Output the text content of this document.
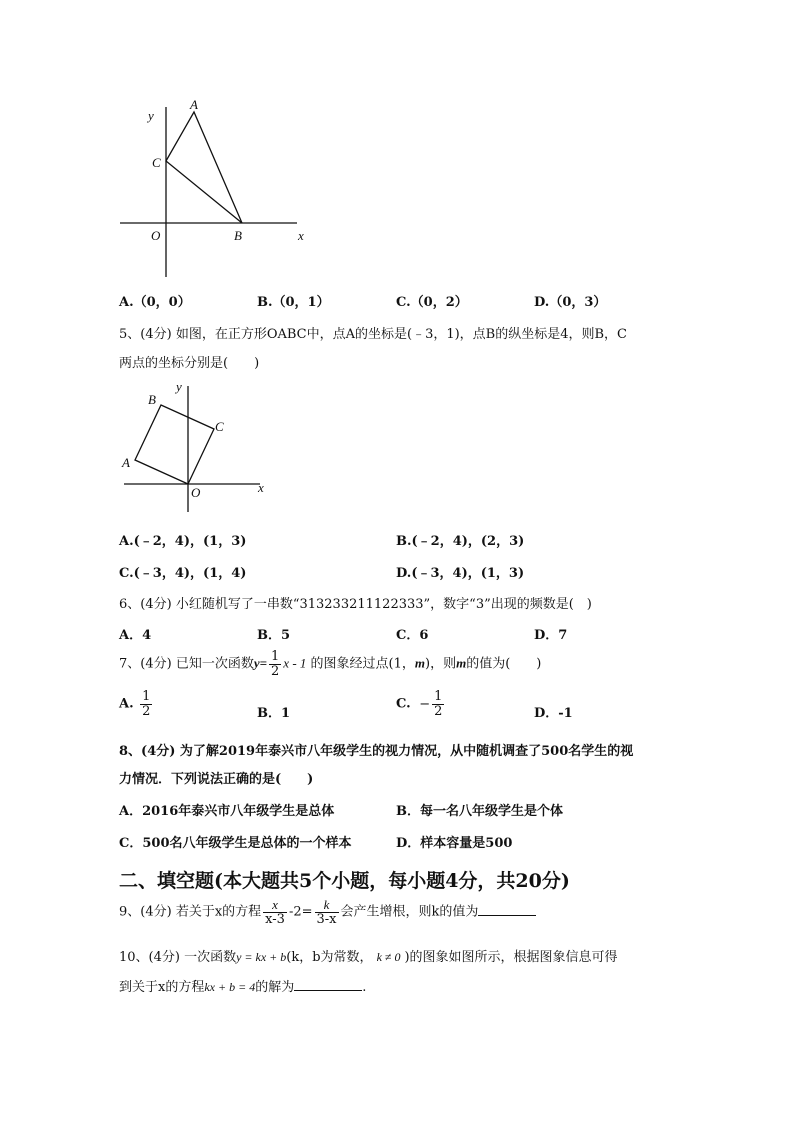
y
A
C
O	B	x
A.（0，0）	B.（0，1）	C.（0，2）	D.（0，3）
5、(4分) 如图，在正方形OABC中，点A的坐标是(﹣3，1)，点B的纵坐标是4，则B，C
两点的坐标分别是(　　)
y
B
C
A
O	x
A.(﹣2，4)，(1，3)	B.(﹣2，4)，(2，3)
C.(﹣3，4)，(1，4)	D.(﹣3，4)，(1，3)
6、(4分) 小红随机写了一串数“313233211122333”，数字“3”出现的频数是(　)
A．4	B．5	C．6	D．7
7、(4分) 已知一次函数$y= \frac{1}{2}$ x - 1 的图象经过点(1，m)，则m的值为(　　)
A. $\frac{1}{2}$	B．1
C. − $\frac{1}{2}$	D．-1
8、(4分) 为了解2019年泰兴市八年级学生的视力情况，从中随机调查了500名学生的视
力情况．下列说法正确的是(　　)
A．2016年泰兴市八年级学生是总体	B．每一名八年级学生是个体
C．500名八年级学生是总体的一个样本	D．样本容量是500
二、填空题(本大题共5个小题，每小题4分，共20分)
9、(4分) 若关于x的方程 $\frac{x}{x-3} -2= \frac{k}{3-x}$ 会产生增根，则k的值为
10、(4分) 一次函数y = kx + b(k，b为常数， k ≠ 0 )的图象如图所示，根据图象信息可得
到关于x的方程kx + b = 4的解为	.
